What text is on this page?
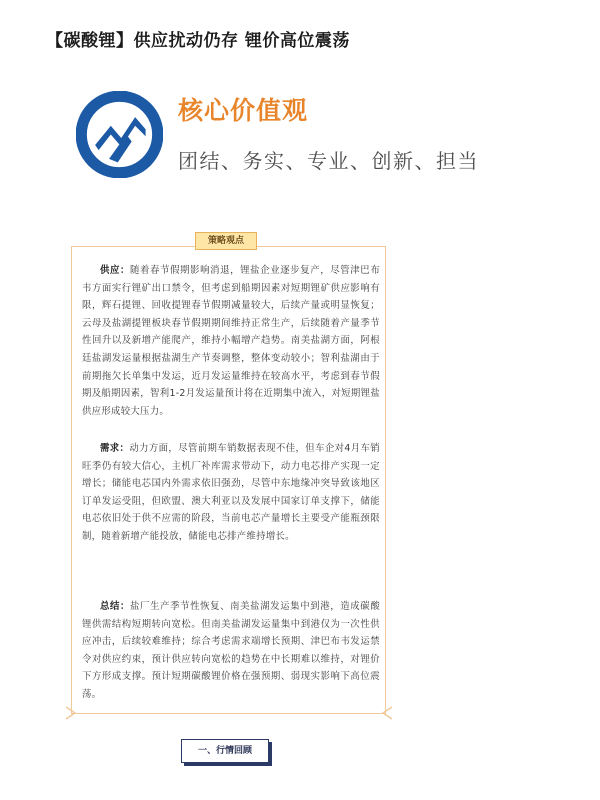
【碳酸锂】供应扰动仍存 锂价高位震荡
核心价值观
团结、务实、专业、创新、担当
策略观点
供应：随着春节假期影响消退，锂盐企业逐步复产，尽管津巴布韦方面实行锂矿出口禁令，但考虑到船期因素对短期锂矿供应影响有限，辉石提锂、回收提锂春节假期减量较大，后续产量或明显恢复；云母及盐湖提锂板块春节假期期间维持正常生产，后续随着产量季节性回升以及新增产能爬产，维持小幅增产趋势。南美盐湖方面，阿根廷盐湖发运量根据盐湖生产节奏调整，整体变动较小；智利盐湖由于前期拖欠长单集中发运，近月发运量维持在较高水平，考虑到春节假期及船期因素，智利1-2月发运量预计将在近期集中流入，对短期锂盐供应形成较大压力。
需求：动力方面，尽管前期车销数据表现不佳，但车企对4月车销旺季仍有较大信心，主机厂补库需求带动下，动力电芯排产实现一定增长；储能电芯国内外需求依旧强劲，尽管中东地缘冲突导致该地区订单发运受阻，但欧盟、澳大利亚以及发展中国家订单支撑下，储能电芯依旧处于供不应需的阶段，当前电芯产量增长主要受产能瓶颈限制，随着新增产能投放，储能电芯排产维持增长。
总结：盐厂生产季节性恢复、南美盐湖发运集中到港，造成碳酸锂供需结构短期转向宽松。但南美盐湖发运量集中到港仅为一次性供应冲击，后续较难维持；综合考虑需求端增长预期、津巴布韦发运禁令对供应约束，预计供应转向宽松的趋势在中长期难以维持，对锂价下方形成支撑。预计短期碳酸锂价格在强预期、弱现实影响下高位震荡。
一、行情回顾
